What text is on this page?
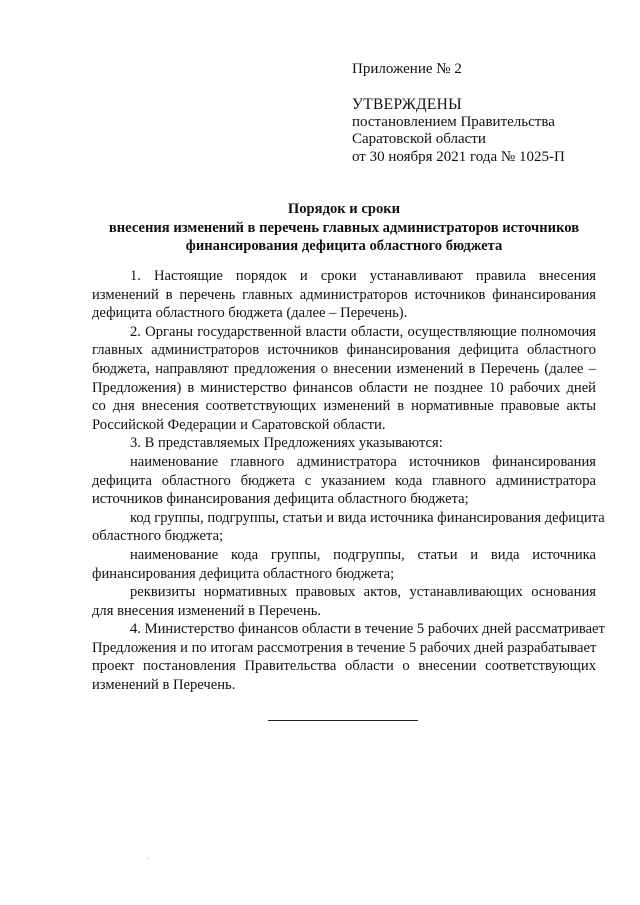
Приложение № 2
УТВЕРЖДЕНЫ
постановлением Правительства
Саратовской области
от 30 ноября 2021 года № 1025-П
Порядок и сроки
внесения изменений в перечень главных администраторов источников
финансирования дефицита областного бюджета
1. Настоящие порядок и сроки устанавливают правила внесения
изменений в перечень главных администраторов источников финансирования
дефицита областного бюджета (далее – Перечень).
2. Органы государственной власти области, осуществляющие полномочия
главных администраторов источников финансирования дефицита областного
бюджета, направляют предложения о внесении изменений в Перечень (далее –
Предложения) в министерство финансов области не позднее 10 рабочих дней
со дня внесения соответствующих изменений в нормативные правовые акты
Российской Федерации и Саратовской области.
3. В представляемых Предложениях указываются:
наименование главного администратора источников финансирования
дефицита областного бюджета с указанием кода главного администратора
источников финансирования дефицита областного бюджета;
код группы, подгруппы, статьи и вида источника финансирования дефицита
областного бюджета;
наименование кода группы, подгруппы, статьи и вида источника
финансирования дефицита областного бюджета;
реквизиты нормативных правовых актов, устанавливающих основания
для внесения изменений в Перечень.
4. Министерство финансов области в течение 5 рабочих дней рассматривает
Предложения и по итогам рассмотрения в течение 5 рабочих дней разрабатывает
проект постановления Правительства области о внесении соответствующих
изменений в Перечень.
